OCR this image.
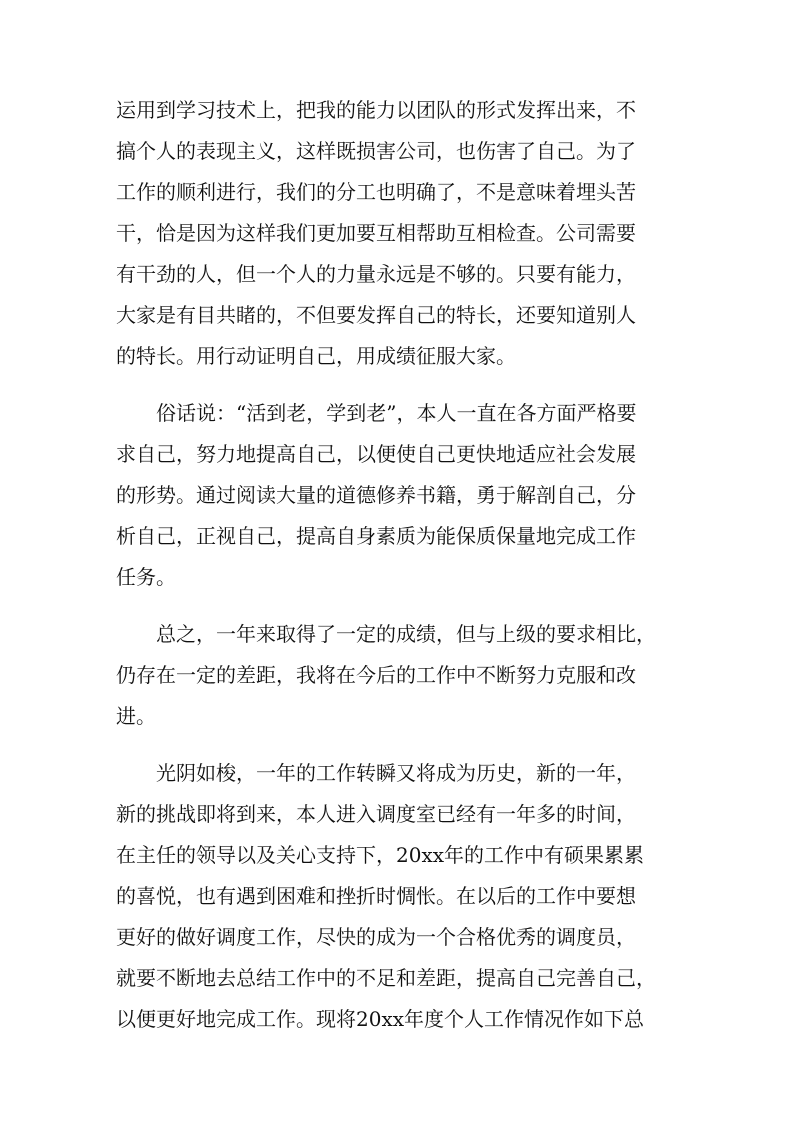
运用到学习技术上，把我的能力以团队的形式发挥出来，不
搞个人的表现主义，这样既损害公司，也伤害了自己。为了
工作的顺利进行，我们的分工也明确了，不是意味着埋头苦
干，恰是因为这样我们更加要互相帮助互相检查。公司需要
有干劲的人，但一个人的力量永远是不够的。只要有能力，
大家是有目共睹的，不但要发挥自己的特长，还要知道别人
的特长。用行动证明自己，用成绩征服大家。
　　俗话说：“活到老，学到老”，本人一直在各方面严格要
求自己，努力地提高自己，以便使自己更快地适应社会发展
的形势。通过阅读大量的道德修养书籍，勇于解剖自己，分
析自己，正视自己，提高自身素质为能保质保量地完成工作
任务。
　　总之，一年来取得了一定的成绩，但与上级的要求相比，
仍存在一定的差距，我将在今后的工作中不断努力克服和改
进。
　　光阴如梭，一年的工作转瞬又将成为历史，新的一年，
新的挑战即将到来，本人进入调度室已经有一年多的时间，
在主任的领导以及关心支持下，20xx年的工作中有硕果累累
的喜悦，也有遇到困难和挫折时惆怅。在以后的工作中要想
更好的做好调度工作，尽快的成为一个合格优秀的调度员，
就要不断地去总结工作中的不足和差距，提高自己完善自己，
以便更好地完成工作。现将20xx年度个人工作情况作如下总
